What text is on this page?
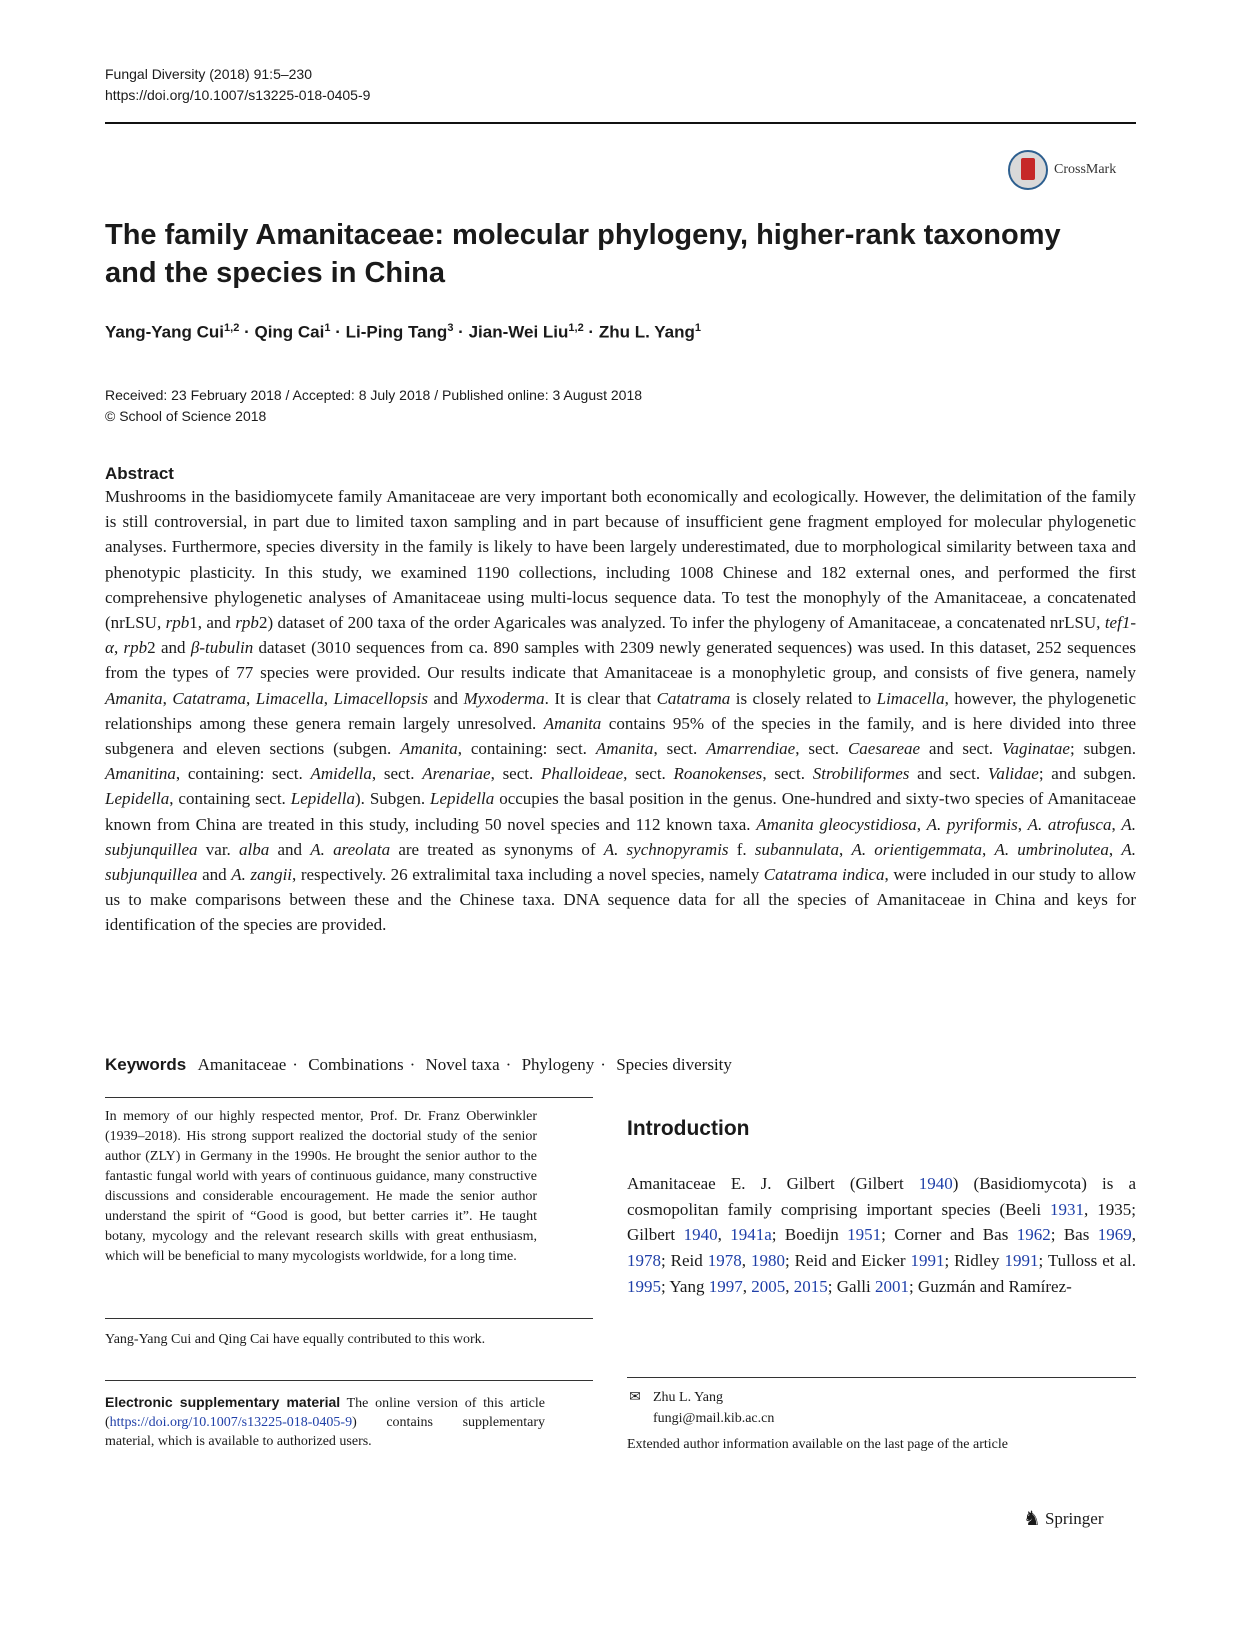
Fungal Diversity (2018) 91:5–230
https://doi.org/10.1007/s13225-018-0405-9
CrossMark
The family Amanitaceae: molecular phylogeny, higher-rank taxonomy
and the species in China
Yang-Yang Cui$^{1,2}$ · Qing Cai$^1$ · Li-Ping Tang$^3$ · Jian-Wei Liu$^{1,2}$ · Zhu L. Yang$^1$
Received: 23 February 2018 / Accepted: 8 July 2018 / Published online: 3 August 2018
© School of Science 2018
Abstract
Mushrooms in the basidiomycete family Amanitaceae are very important both economically and ecologically. However, the delimitation of the family is still controversial, in part due to limited taxon sampling and in part because of insufficient gene fragment employed for molecular phylogenetic analyses. Furthermore, species diversity in the family is likely to have been largely underestimated, due to morphological similarity between taxa and phenotypic plasticity. In this study, we examined 1190 collections, including 1008 Chinese and 182 external ones, and performed the first comprehensive phylogenetic analyses of Amanitaceae using multi-locus sequence data. To test the monophyly of the Amanitaceae, a concatenated (nrLSU, rpb1, and rpb2) dataset of 200 taxa of the order Agaricales was analyzed. To infer the phylogeny of Amanitaceae, a concatenated nrLSU, tef1-α, rpb2 and β-tubulin dataset (3010 sequences from ca. 890 samples with 2309 newly generated sequences) was used. In this dataset, 252 sequences from the types of 77 species were provided. Our results indicate that Amanitaceae is a monophyletic group, and consists of five genera, namely Amanita, Catatrama, Limacella, Limacellopsis and Myxoderma. It is clear that Catatrama is closely related to Limacella, however, the phylogenetic relationships among these genera remain largely unresolved. Amanita contains 95% of the species in the family, and is here divided into three subgenera and eleven sections (subgen. Amanita, containing: sect. Amanita, sect. Amarrendiae, sect. Caesareae and sect. Vaginatae; subgen. Amanitina, containing: sect. Amidella, sect. Arenariae, sect. Phalloideae, sect. Roanokenses, sect. Strobiliformes and sect. Validae; and subgen. Lepidella, containing sect. Lepidella). Subgen. Lepidella occupies the basal position in the genus. One-hundred and sixty-two species of Amanitaceae known from China are treated in this study, including 50 novel species and 112 known taxa. Amanita gleocystidiosa, A. pyriformis, A. atrofusca, A. subjunquillea var. alba and A. areolata are treated as synonyms of A. sychnopyramis f. subannulata, A. orientigemmata, A. umbrinolutea, A. subjunquillea and A. zangii, respectively. 26 extralimital taxa including a novel species, namely Catatrama indica, were included in our study to allow us to make comparisons between these and the Chinese taxa. DNA sequence data for all the species of Amanitaceae in China and keys for identification of the species are provided.
Keywords Amanitaceae · Combinations · Novel taxa · Phylogeny · Species diversity
In memory of our highly respected mentor, Prof. Dr. Franz Oberwinkler (1939–2018). His strong support realized the doctorial study of the senior author (ZLY) in Germany in the 1990s. He brought the senior author to the fantastic fungal world with years of continuous guidance, many constructive discussions and considerable encouragement. He made the senior author understand the spirit of “Good is good, but better carries it”. He taught botany, mycology and the relevant research skills with great enthusiasm, which will be beneficial to many mycologists worldwide, for a long time.
Yang-Yang Cui and Qing Cai have equally contributed to this work.
Electronic supplementary material The online version of this article (https://doi.org/10.1007/s13225-018-0405-9) contains supplementary material, which is available to authorized users.
Introduction
Amanitaceae E. J. Gilbert (Gilbert 1940) (Basidiomycota) is a cosmopolitan family comprising important species (Beeli 1931, 1935; Gilbert 1940, 1941a; Boedijn 1951; Corner and Bas 1962; Bas 1969, 1978; Reid 1978, 1980; Reid and Eicker 1991; Ridley 1991; Tulloss et al. 1995; Yang 1997, 2005, 2015; Galli 2001; Guzmán and Ramírez-
✉ Zhu L. Yang
fungi@mail.kib.ac.cn
Extended author information available on the last page of the article
♞ Springer
